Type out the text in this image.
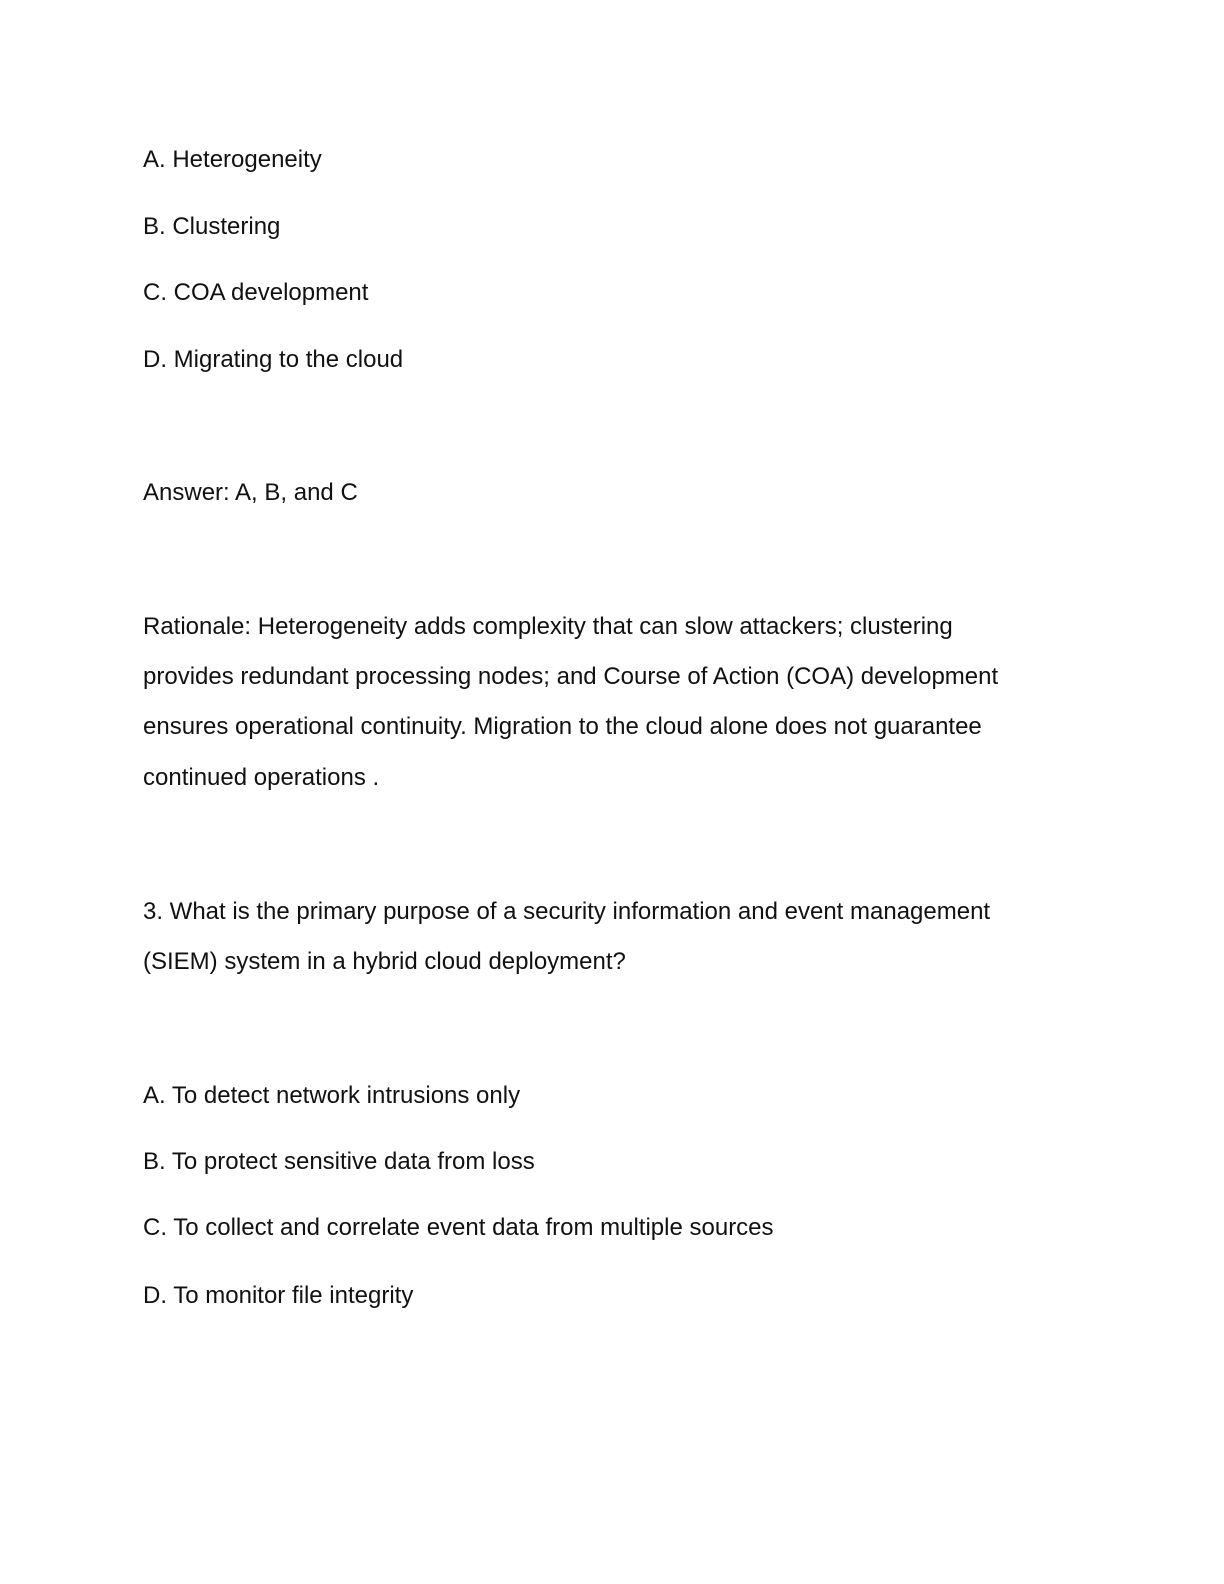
A. Heterogeneity
B. Clustering
C. COA development
D. Migrating to the cloud
Answer: A, B, and C
Rationale: Heterogeneity adds complexity that can slow attackers; clustering
provides redundant processing nodes; and Course of Action (COA) development
ensures operational continuity. Migration to the cloud alone does not guarantee
continued operations .
3. What is the primary purpose of a security information and event management
(SIEM) system in a hybrid cloud deployment?
A. To detect network intrusions only
B. To protect sensitive data from loss
C. To collect and correlate event data from multiple sources
D. To monitor file integrity
